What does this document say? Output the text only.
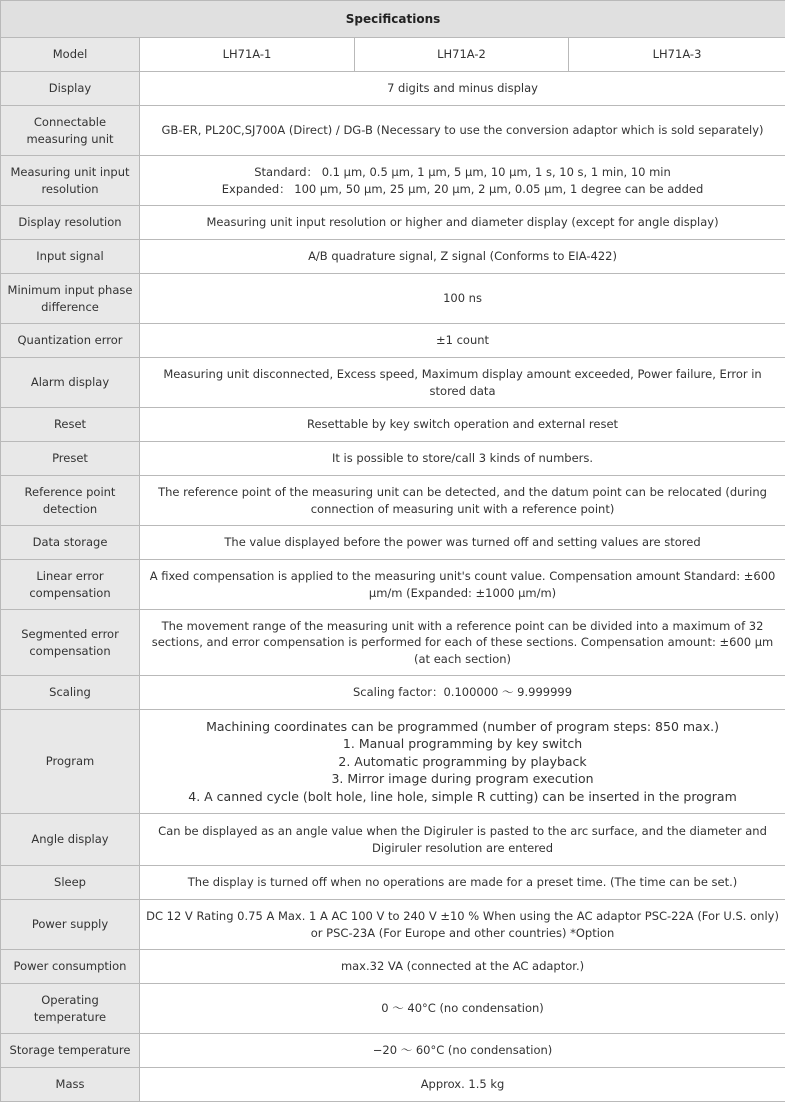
Specifications			
Model	LH71A-1	LH71A-2	LH71A-3
Display	7 digits and minus display		
Connectable measuring unit	GB-ER, PL20C,SJ700A (Direct) / DG-B (Necessary to use the conversion adaptor which is sold separately)		
Measuring unit input resolution	Standard： 0.1 μm, 0.5 μm, 1 μm, 5 μm, 10 μm, 1 s, 10 s, 1 min, 10 min
Expanded： 100 μm, 50 μm, 25 μm, 20 μm, 2 μm, 0.05 μm, 1 degree can be added		

Display resolution	Measuring unit input resolution or higher and diameter display (except for angle display)		
Input signal	A/B quadrature signal, Z signal (Conforms to EIA-422)		
Minimum input phase difference	100 ns		
Quantization error	±1 count		
Alarm display	Measuring unit disconnected, Excess speed, Maximum display amount exceeded, Power failure, Error in stored data		
Reset	Resettable by key switch operation and external reset		
Preset	It is possible to store/call 3 kinds of numbers.		
Reference point detection	The reference point of the measuring unit can be detected, and the datum point can be relocated (during connection of measuring unit with a reference point)		
Data storage	The value displayed before the power was turned off and setting values are stored		
Linear error compensation	A fixed compensation is applied to the measuring unit's count value. Compensation amount Standard: ±600 μm/m (Expanded: ±1000 μm/m)		
Segmented error compensation	The movement range of the measuring unit with a reference point can be divided into a maximum of 32 sections, and error compensation is performed for each of these sections. Compensation amount: ±600 μm (at each section)		
Scaling	Scaling factor：0.100000 ～ 9.999999		
Program	Machining coordinates can be programmed (number of program steps: 850 max.)
1. Manual programming by key switch
2. Automatic programming by playback
3. Mirror image during program execution
4. A canned cycle (bolt hole, line hole, simple R cutting) can be inserted in the program		

Angle display	Can be displayed as an angle value when the Digiruler is pasted to the arc surface, and the diameter and Digiruler resolution are entered		
Sleep	The display is turned off when no operations are made for a preset time. (The time can be set.)		
Power supply	DC 12 V Rating 0.75 A Max. 1 A AC 100 V to 240 V ±10 % When using the AC adaptor PSC-22A (For U.S. only) or PSC-23A (For Europe and other countries) *Option		
Power consumption	max.32 VA (connected at the AC adaptor.)		
Operating temperature	0 ～ 40°C (no condensation)		
Storage temperature	−20 ～ 60°C (no condensation)		
Mass	Approx. 1.5 kg		
